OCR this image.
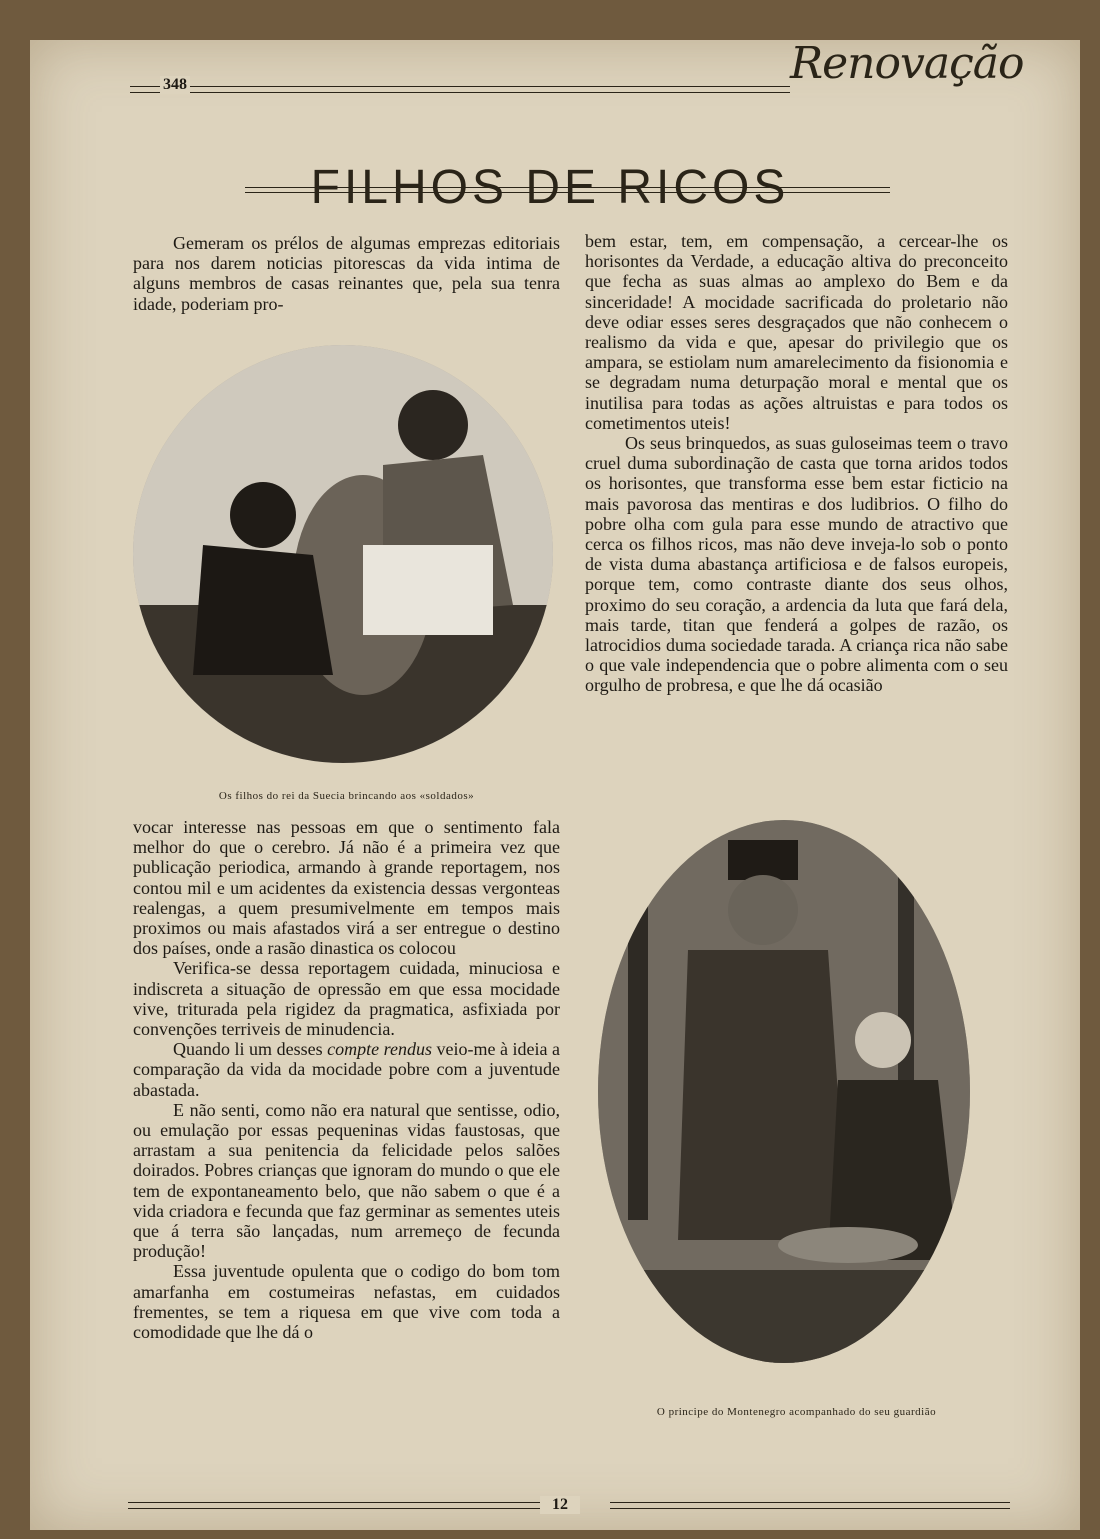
348	Renovação
FILHOS DE RICOS

Gemeram os prélos de algumas emprezas editoriais para nos darem noticias pitorescas da vida intima de alguns membros de casas reinantes que, pela sua tenra idade, poderiam pro-

Os filhos do rei da Suecia brincando aos «soldados»

vocar interesse nas pessoas em que o sentimento fala melhor do que o cerebro. Já não é a primeira vez que publicação periodica, armando à grande reportagem, nos contou mil e um acidentes da existencia dessas vergonteas realengas, a quem presumivelmente em tempos mais proximos ou mais afastados virá a ser entregue o destino dos países, onde a rasão dinastica os colocou

Verifica-se dessa reportagem cuidada, minuciosa e indiscreta a situação de opressão em que essa mocidade vive, triturada pela rigidez da pragmatica, asfixiada por convenções terriveis de minudencia.

Quando li um desses compte rendus veio-me à ideia a comparação da vida da mocidade pobre com a juventude abastada.

E não senti, como não era natural que sentisse, odio, ou emulação por essas pequeninas vidas faustosas, que arrastam a sua penitencia da felicidade pelos salões doirados. Pobres crianças que ignoram do mundo o que ele tem de expontaneamento belo, que não sabem o que é a vida criadora e fecunda que faz germinar as sementes uteis que á terra são lançadas, num arremeço de fecunda produção!

Essa juventude opulenta que o codigo do bom tom amarfanha em costumeiras nefastas, em cuidados frementes, se tem a riquesa em que vive com toda a comodidade que lhe dá o

bem estar, tem, em compensação, a cercear-lhe os horisontes da Verdade, a educação altiva do preconceito que fecha as suas almas ao amplexo do Bem e da sinceridade! A mocidade sacrificada do proletario não deve odiar esses seres desgraçados que não conhecem o realismo da vida e que, apesar do privilegio que os ampara, se estiolam num amarelecimento da fisionomia e se degradam numa deturpação moral e mental que os inutilisa para todas as ações altruistas e para todos os cometimentos uteis!

Os seus brinquedos, as suas guloseimas teem o travo cruel duma subordinação de casta que torna aridos todos os horisontes, que transforma esse bem estar ficticio na mais pavorosa das mentiras e dos ludibrios. O filho do pobre olha com gula para esse mundo de atractivo que cerca os filhos ricos, mas não deve inveja-lo sob o ponto de vista duma abastança artificiosa e de falsos europeis, porque tem, como contraste diante dos seus olhos, proximo do seu coração, a ardencia da luta que fará dela, mais tarde, titan que fenderá a golpes de razão, os latrocidios duma sociedade tarada. A criança rica não sabe o que vale independencia que o pobre alimenta com o seu orgulho de probresa, e que lhe dá ocasião

O principe do Montenegro acompanhado do seu guardião
12
